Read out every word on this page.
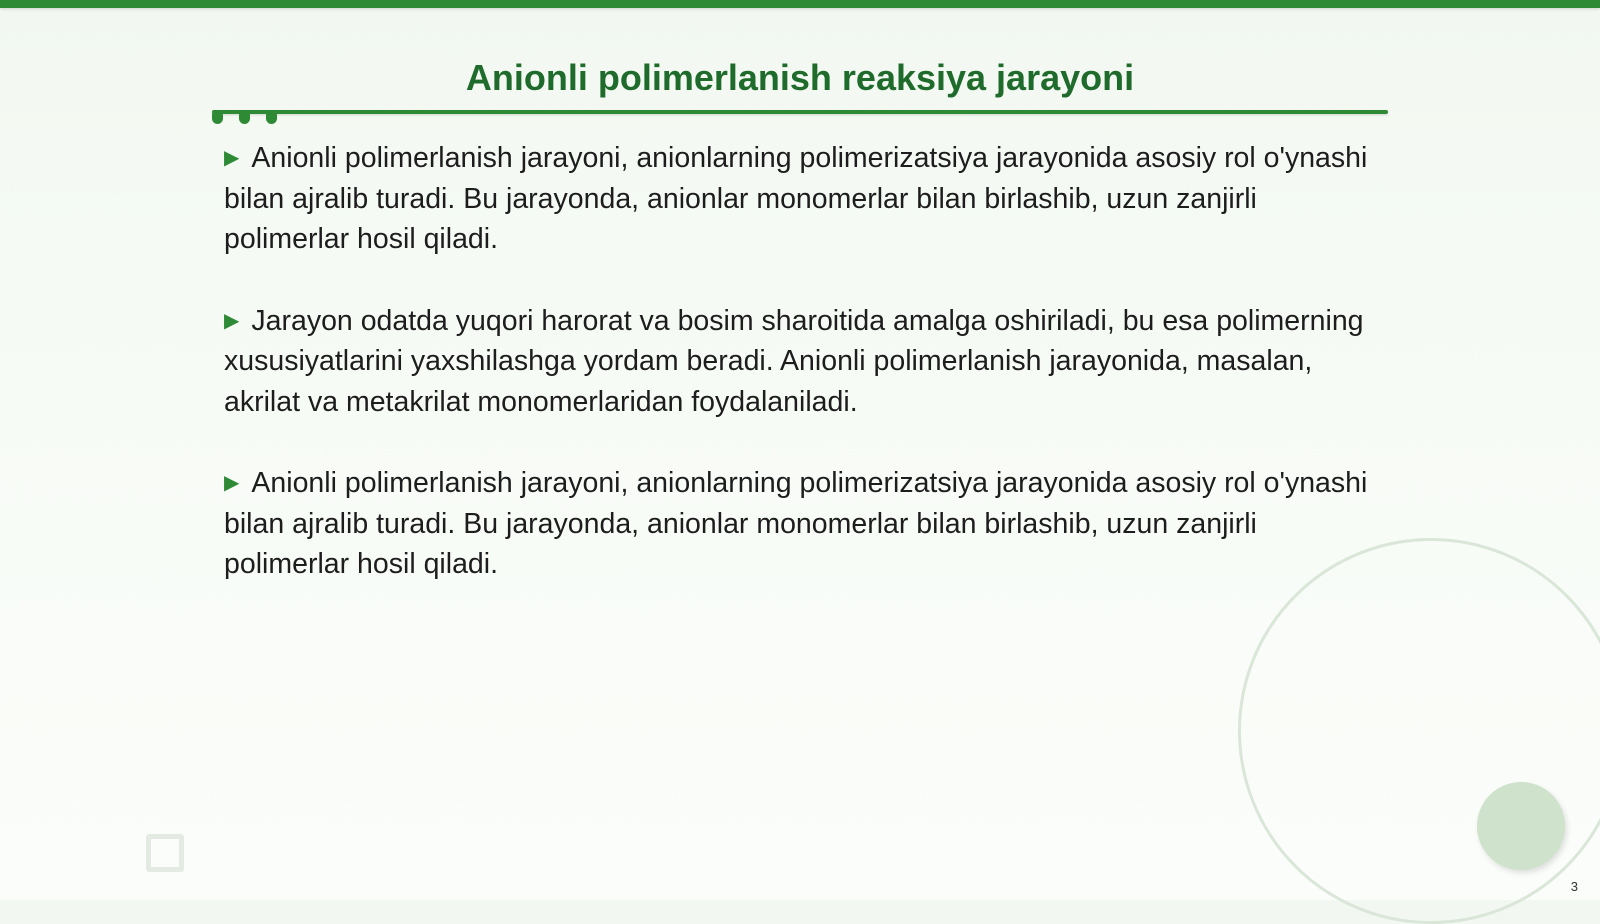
Anionli polimerlanish reaksiya jarayoni

▶ Anionli polimerlanish jarayoni, anionlarning polimerizatsiya jarayonida asosiy rol o'ynashi bilan ajralib turadi. Bu jarayonda, anionlar monomerlar bilan birlashib, uzun zanjirli polimerlar hosil qiladi.

▶ Jarayon odatda yuqori harorat va bosim sharoitida amalga oshiriladi, bu esa polimerning xususiyatlarini yaxshilashga yordam beradi. Anionli polimerlanish jarayonida, masalan, akrilat va metakrilat monomerlaridan foydalaniladi.

▶ Anionli polimerlanish jarayoni, anionlarning polimerizatsiya jarayonida asosiy rol o'ynashi bilan ajralib turadi. Bu jarayonda, anionlar monomerlar bilan birlashib, uzun zanjirli polimerlar hosil qiladi.

3
